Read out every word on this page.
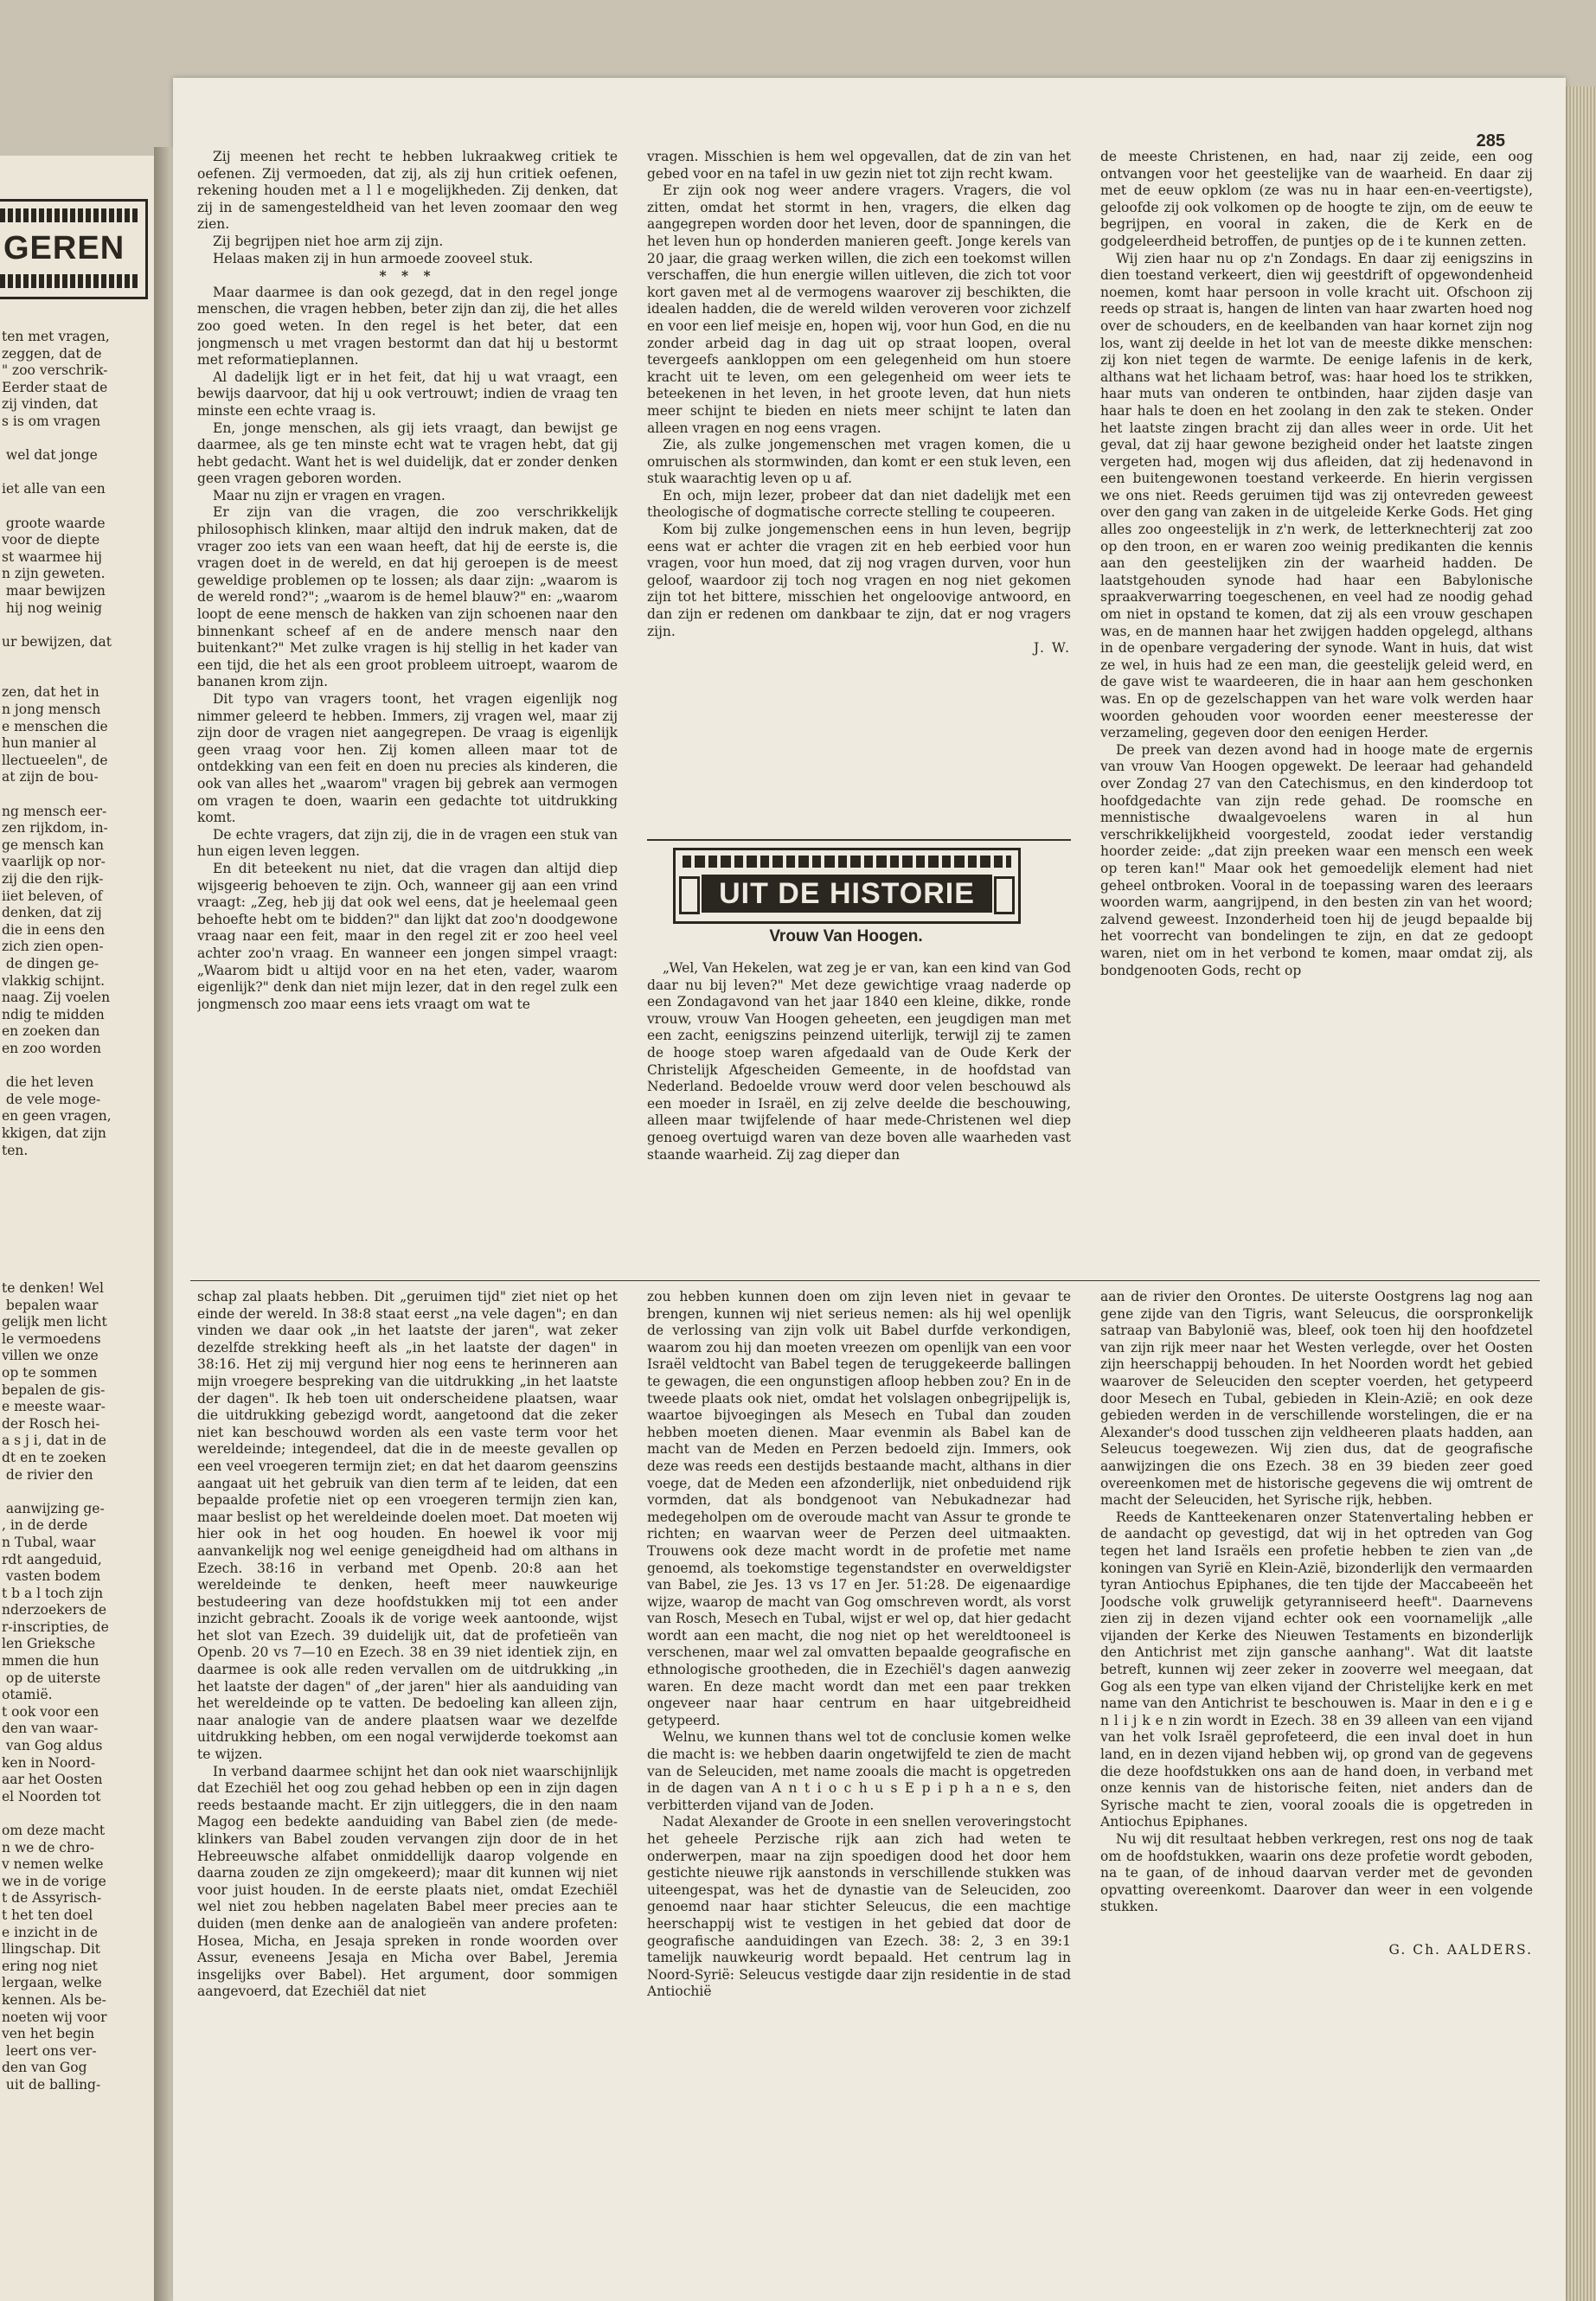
GEREN
ten met vragen,
zeggen, dat de
" zoo verschrik-
Eerder staat de
zij vinden, dat
s is om vragen

wel dat jonge

iet alle van een

groote waarde
voor de diepte
st waarmee hij
n zijn geweten.
maar bewijzen
hij nog weinig

ur bewijzen, dat

zen, dat het in
n jong mensch
e menschen die
hun manier al
llectueelen", de
at zijn de bou-

ng mensch eer-
zen rijkdom, in-
ge mensch kan
vaarlijk op nor-
zij die den rijk-
iiet beleven, of
denken, dat zij
die in eens den
zich zien open-
de dingen ge-
vlakkig schijnt.
naag. Zij voelen
ndig te midden
en zoeken dan
en zoo worden

die het leven
de vele moge-
en geen vragen,
kkigen, dat zijn
ten.
te denken! Wel
bepalen waar
gelijk men licht
le vermoedens
villen we onze
op te sommen
bepalen de gis-
e meeste waar-
der Rosch hei-
a s j i, dat in de
dt en te zoeken
de rivier den

aanwijzing ge-
, in de derde
n Tubal, waar
rdt aangeduid,
vasten bodem
t b a l toch zijn
nderzoekers de
r-inscripties, de
len Grieksche
mmen die hun
op de uiterste
otamië.
t ook voor een
den van waar-
van Gog aldus
ken in Noord-
aar het Oosten
el Noorden tot

om deze macht
n we de chro-
v nemen welke
we in de vorige
t de Assyrisch-
t het ten doel
e inzicht in de
llingschap. Dit
ering nog niet
lergaan, welke
kennen. Als be-
noeten wij voor
ven het begin
leert ons ver-
den van Gog
uit de balling-
285

Zij meenen het recht te hebben lukraakweg critiek te oefenen. Zij vermoeden, dat zij, als zij hun critiek oefenen, rekening houden met a l l e mogelijkheden. Zij denken, dat zij in de samengesteldheid van het leven zoomaar den weg zien.

Zij begrijpen niet hoe arm zij zijn.

Helaas maken zij in hun armoede zooveel stuk.

* * *

Maar daarmee is dan ook gezegd, dat in den regel jonge menschen, die vragen hebben, beter zijn dan zij, die het alles zoo goed weten. In den regel is het beter, dat een jongmensch u met vragen bestormt dan dat hij u bestormt met reformatieplannen.

Al dadelijk ligt er in het feit, dat hij u wat vraagt, een bewijs daarvoor, dat hij u ook vertrouwt; indien de vraag ten minste een echte vraag is.

En, jonge menschen, als gij iets vraagt, dan bewijst ge daarmee, als ge ten minste echt wat te vragen hebt, dat gij hebt gedacht. Want het is wel duidelijk, dat er zonder denken geen vragen geboren worden.

Maar nu zijn er vragen en vragen.

Er zijn van die vragen, die zoo verschrikkelijk philosophisch klinken, maar altijd den indruk maken, dat de vrager zoo iets van een waan heeft, dat hij de eerste is, die vragen doet in de wereld, en dat hij geroepen is de meest geweldige problemen op te lossen; als daar zijn: „waarom is de wereld rond?"; „waarom is de hemel blauw?" en: „waarom loopt de eene mensch de hakken van zijn schoenen naar den binnenkant scheef af en de andere mensch naar den buitenkant?" Met zulke vragen is hij stellig in het kader van een tijd, die het als een groot probleem uitroept, waarom de bananen krom zijn.

Dit typo van vragers toont, het vragen eigenlijk nog nimmer geleerd te hebben. Immers, zij vragen wel, maar zij zijn door de vragen niet aangegrepen. De vraag is eigenlijk geen vraag voor hen. Zij komen alleen maar tot de ontdekking van een feit en doen nu precies als kinderen, die ook van alles het „waarom" vragen bij gebrek aan vermogen om vragen te doen, waarin een gedachte tot uitdrukking komt.

De echte vragers, dat zijn zij, die in de vragen een stuk van hun eigen leven leggen.

En dit beteekent nu niet, dat die vragen dan altijd diep wijsgeerig behoeven te zijn. Och, wanneer gij aan een vrind vraagt: „Zeg, heb jij dat ook wel eens, dat je heelemaal geen behoefte hebt om te bidden?" dan lijkt dat zoo'n doodgewone vraag naar een feit, maar in den regel zit er zoo heel veel achter zoo'n vraag. En wanneer een jongen simpel vraagt: „Waarom bidt u altijd voor en na het eten, vader, waarom eigenlijk?" denk dan niet mijn lezer, dat in den regel zulk een jongmensch zoo maar eens iets vraagt om wat te

vragen. Misschien is hem wel opgevallen, dat de zin van het gebed voor en na tafel in uw gezin niet tot zijn recht kwam.

Er zijn ook nog weer andere vragers. Vragers, die vol zitten, omdat het stormt in hen, vragers, die elken dag aangegrepen worden door het leven, door de spanningen, die het leven hun op honderden manieren geeft. Jonge kerels van 20 jaar, die graag werken willen, die zich een toekomst willen verschaffen, die hun energie willen uitleven, die zich tot voor kort gaven met al de vermogens waarover zij beschikten, die idealen hadden, die de wereld wilden veroveren voor zichzelf en voor een lief meisje en, hopen wij, voor hun God, en die nu zonder arbeid dag in dag uit op straat loopen, overal tevergeefs aankloppen om een gelegenheid om hun stoere kracht uit te leven, om een gelegenheid om weer iets te beteekenen in het leven, in het groote leven, dat hun niets meer schijnt te bieden en niets meer schijnt te laten dan alleen vragen en nog eens vragen.

Zie, als zulke jongemenschen met vragen komen, die u omruischen als stormwinden, dan komt er een stuk leven, een stuk waarachtig leven op u af.

En och, mijn lezer, probeer dat dan niet dadelijk met een theologische of dogmatische correcte stelling te coupeeren.

Kom bij zulke jongemenschen eens in hun leven, begrijp eens wat er achter die vragen zit en heb eerbied voor hun vragen, voor hun moed, dat zij nog vragen durven, voor hun geloof, waardoor zij toch nog vragen en nog niet gekomen zijn tot het bittere, misschien het ongeloovige antwoord, en dan zijn er redenen om dankbaar te zijn, dat er nog vragers zijn.

J. W.

UIT DE HISTORIE
Vrouw Van Hoogen.

„Wel, Van Hekelen, wat zeg je er van, kan een kind van God daar nu bij leven?" Met deze gewichtige vraag naderde op een Zondagavond van het jaar 1840 een kleine, dikke, ronde vrouw, vrouw Van Hoogen geheeten, een jeugdigen man met een zacht, eenigszins peinzend uiterlijk, terwijl zij te zamen de hooge stoep waren afgedaald van de Oude Kerk der Christelijk Afgescheiden Gemeente, in de hoofdstad van Nederland. Bedoelde vrouw werd door velen beschouwd als een moeder in Israël, en zij zelve deelde die beschouwing, alleen maar twijfelende of haar mede-Christenen wel diep genoeg overtuigd waren van deze boven alle waarheden vast staande waarheid. Zij zag dieper dan

de meeste Christenen, en had, naar zij zeide, een oog ontvangen voor het geestelijke van de waarheid. En daar zij met de eeuw opklom (ze was nu in haar een-en-veertigste), geloofde zij ook volkomen op de hoogte te zijn, om de eeuw te begrijpen, en vooral in zaken, die de Kerk en de godgeleerdheid betroffen, de puntjes op de i te kunnen zetten.

Wij zien haar nu op z'n Zondags. En daar zij eenigszins in dien toestand verkeert, dien wij geestdrift of opgewondenheid noemen, komt haar persoon in volle kracht uit. Ofschoon zij reeds op straat is, hangen de linten van haar zwarten hoed nog over de schouders, en de keelbanden van haar kornet zijn nog los, want zij deelde in het lot van de meeste dikke menschen: zij kon niet tegen de warmte. De eenige lafenis in de kerk, althans wat het lichaam betrof, was: haar hoed los te strikken, haar muts van onderen te ontbinden, haar zijden dasje van haar hals te doen en het zoolang in den zak te steken. Onder het laatste zingen bracht zij dan alles weer in orde. Uit het geval, dat zij haar gewone bezigheid onder het laatste zingen vergeten had, mogen wij dus afleiden, dat zij hedenavond in een buitengewonen toestand verkeerde. En hierin vergissen we ons niet. Reeds geruimen tijd was zij ontevreden geweest over den gang van zaken in de uitgeleide Kerke Gods. Het ging alles zoo ongeestelijk in z'n werk, de letterknechterij zat zoo op den troon, en er waren zoo weinig predikanten die kennis aan den geestelijken zin der waarheid hadden. De laatstgehouden synode had haar een Babylonische spraakverwarring toegeschenen, en veel had ze noodig gehad om niet in opstand te komen, dat zij als een vrouw geschapen was, en de mannen haar het zwijgen hadden opgelegd, althans in de openbare vergadering der synode. Want in huis, dat wist ze wel, in huis had ze een man, die geestelijk geleid werd, en de gave wist te waardeeren, die in haar aan hem geschonken was. En op de gezelschappen van het ware volk werden haar woorden gehouden voor woorden eener meesteresse der verzameling, gegeven door den eenigen Herder.

De preek van dezen avond had in hooge mate de ergernis van vrouw Van Hoogen opgewekt. De leeraar had gehandeld over Zondag 27 van den Catechismus, en den kinderdoop tot hoofdgedachte van zijn rede gehad. De roomsche en mennistische dwaalgevoelens waren in al hun verschrikkelijkheid voorgesteld, zoodat ieder verstandig hoorder zeide: „dat zijn preeken waar een mensch een week op teren kan!" Maar ook het gemoedelijk element had niet geheel ontbroken. Vooral in de toepassing waren des leeraars woorden warm, aangrijpend, in den besten zin van het woord; zalvend geweest. Inzonderheid toen hij de jeugd bepaalde bij het voorrecht van bondelingen te zijn, en dat ze gedoopt waren, niet om in het verbond te komen, maar omdat zij, als bondgenooten Gods, recht op

schap zal plaats hebben. Dit „geruimen tijd" ziet niet op het einde der wereld. In 38:8 staat eerst „na vele dagen"; en dan vinden we daar ook „in het laatste der jaren", wat zeker dezelfde strekking heeft als „in het laatste der dagen" in 38:16. Het zij mij vergund hier nog eens te herinneren aan mijn vroegere bespreking van die uitdrukking „in het laatste der dagen". Ik heb toen uit onderscheidene plaatsen, waar die uitdrukking gebezigd wordt, aangetoond dat die zeker niet kan beschouwd worden als een vaste term voor het wereldeinde; integendeel, dat die in de meeste gevallen op een veel vroegeren termijn ziet; en dat het daarom geenszins aangaat uit het gebruik van dien term af te leiden, dat een bepaalde profetie niet op een vroegeren termijn zien kan, maar beslist op het wereldeinde doelen moet. Dat moeten wij hier ook in het oog houden. En hoewel ik voor mij aanvankelijk nog wel eenige geneigdheid had om althans in Ezech. 38:16 in verband met Openb. 20:8 aan het wereldeinde te denken, heeft meer nauwkeurige bestudeering van deze hoofdstukken mij tot een ander inzicht gebracht. Zooals ik de vorige week aantoonde, wijst het slot van Ezech. 39 duidelijk uit, dat de profetieën van Openb. 20 vs 7—10 en Ezech. 38 en 39 niet identiek zijn, en daarmee is ook alle reden vervallen om de uitdrukking „in het laatste der dagen" of „der jaren" hier als aanduiding van het wereldeinde op te vatten. De bedoeling kan alleen zijn, naar analogie van de andere plaatsen waar we dezelfde uitdrukking hebben, om een nogal verwijderde toekomst aan te wijzen.

In verband daarmee schijnt het dan ook niet waarschijnlijk dat Ezechiël het oog zou gehad hebben op een in zijn dagen reeds bestaande macht. Er zijn uitleggers, die in den naam Magog een bedekte aanduiding van Babel zien (de mede-klinkers van Babel zouden vervangen zijn door de in het Hebreeuwsche alfabet onmiddellijk daarop volgende en daarna zouden ze zijn omgekeerd); maar dit kunnen wij niet voor juist houden. In de eerste plaats niet, omdat Ezechiël wel niet zou hebben nagelaten Babel meer precies aan te duiden (men denke aan de analogieën van andere profeten: Hosea, Micha, en Jesaja spreken in ronde woorden over Assur, eveneens Jesaja en Micha over Babel, Jeremia insgelijks over Babel). Het argument, door sommigen aangevoerd, dat Ezechiël dat niet

zou hebben kunnen doen om zijn leven niet in gevaar te brengen, kunnen wij niet serieus nemen: als hij wel openlijk de verlossing van zijn volk uit Babel durfde verkondigen, waarom zou hij dan moeten vreezen om openlijk van een voor Israël veldtocht van Babel tegen de teruggekeerde ballingen te gewagen, die een ongunstigen afloop hebben zou? En in de tweede plaats ook niet, omdat het volslagen onbegrijpelijk is, waartoe bijvoegingen als Mesech en Tubal dan zouden hebben moeten dienen. Maar evenmin als Babel kan de macht van de Meden en Perzen bedoeld zijn. Immers, ook deze was reeds een destijds bestaande macht, althans in dier voege, dat de Meden een afzonderlijk, niet onbeduidend rijk vormden, dat als bondgenoot van Nebukadnezar had medegeholpen om de overoude macht van Assur te gronde te richten; en waarvan weer de Perzen deel uitmaakten. Trouwens ook deze macht wordt in de profetie met name genoemd, als toekomstige tegenstandster en overweldigster van Babel, zie Jes. 13 vs 17 en Jer. 51:28. De eigenaardige wijze, waarop de macht van Gog omschreven wordt, als vorst van Rosch, Mesech en Tubal, wijst er wel op, dat hier gedacht wordt aan een macht, die nog niet op het wereldtooneel is verschenen, maar wel zal omvatten bepaalde geografische en ethnologische grootheden, die in Ezechiël's dagen aanwezig waren. En deze macht wordt dan met een paar trekken ongeveer naar haar centrum en haar uitgebreidheid getypeerd.

Welnu, we kunnen thans wel tot de conclusie komen welke die macht is: we hebben daarin ongetwijfeld te zien de macht van de Seleuciden, met name zooals die macht is opgetreden in de dagen van A n t i o c h u s E p i p h a n e s, den verbitterden vijand van de Joden.

Nadat Alexander de Groote in een snellen veroveringstocht het geheele Perzische rijk aan zich had weten te onderwerpen, maar na zijn spoedigen dood het door hem gestichte nieuwe rijk aanstonds in verschillende stukken was uiteengespat, was het de dynastie van de Seleuciden, zoo genoemd naar haar stichter Seleucus, die een machtige heerschappij wist te vestigen in het gebied dat door de geografische aanduidingen van Ezech. 38: 2, 3 en 39:1 tamelijk nauwkeurig wordt bepaald. Het centrum lag in Noord-Syrië: Seleucus vestigde daar zijn residentie in de stad Antiochië

aan de rivier den Orontes. De uiterste Oostgrens lag nog aan gene zijde van den Tigris, want Seleucus, die oorspronkelijk satraap van Babylonië was, bleef, ook toen hij den hoofdzetel van zijn rijk meer naar het Westen verlegde, over het Oosten zijn heerschappij behouden. In het Noorden wordt het gebied waarover de Seleuciden den scepter voerden, het getypeerd door Mesech en Tubal, gebieden in Klein-Azië; en ook deze gebieden werden in de verschillende worstelingen, die er na Alexander's dood tusschen zijn veldheeren plaats hadden, aan Seleucus toegewezen. Wij zien dus, dat de geografische aanwijzingen die ons Ezech. 38 en 39 bieden zeer goed overeenkomen met de historische gegevens die wij omtrent de macht der Seleuciden, het Syrische rijk, hebben.

Reeds de Kantteekenaren onzer Statenvertaling hebben er de aandacht op gevestigd, dat wij in het optreden van Gog tegen het land Israëls een profetie hebben te zien van „de koningen van Syrië en Klein-Azië, bizonderlijk den vermaarden tyran Antiochus Epiphanes, die ten tijde der Maccabeeën het Joodsche volk gruwelijk getyranniseerd heeft". Daarnevens zien zij in dezen vijand echter ook een voornamelijk „alle vijanden der Kerke des Nieuwen Testaments en bizonderlijk den Antichrist met zijn gansche aanhang". Wat dit laatste betreft, kunnen wij zeer zeker in zooverre wel meegaan, dat Gog als een type van elken vijand der Christelijke kerk en met name van den Antichrist te beschouwen is. Maar in den e i g e n l i j k e n zin wordt in Ezech. 38 en 39 alleen van een vijand van het volk Israël geprofeteerd, die een inval doet in hun land, en in dezen vijand hebben wij, op grond van de gegevens die deze hoofdstukken ons aan de hand doen, in verband met onze kennis van de historische feiten, niet anders dan de Syrische macht te zien, vooral zooals die is opgetreden in Antiochus Epiphanes.

Nu wij dit resultaat hebben verkregen, rest ons nog de taak om de hoofdstukken, waarin ons deze profetie wordt geboden, na te gaan, of de inhoud daarvan verder met de gevonden opvatting overeenkomt. Daarover dan weer in een volgende stukken.

G. Ch. AALDERS.
